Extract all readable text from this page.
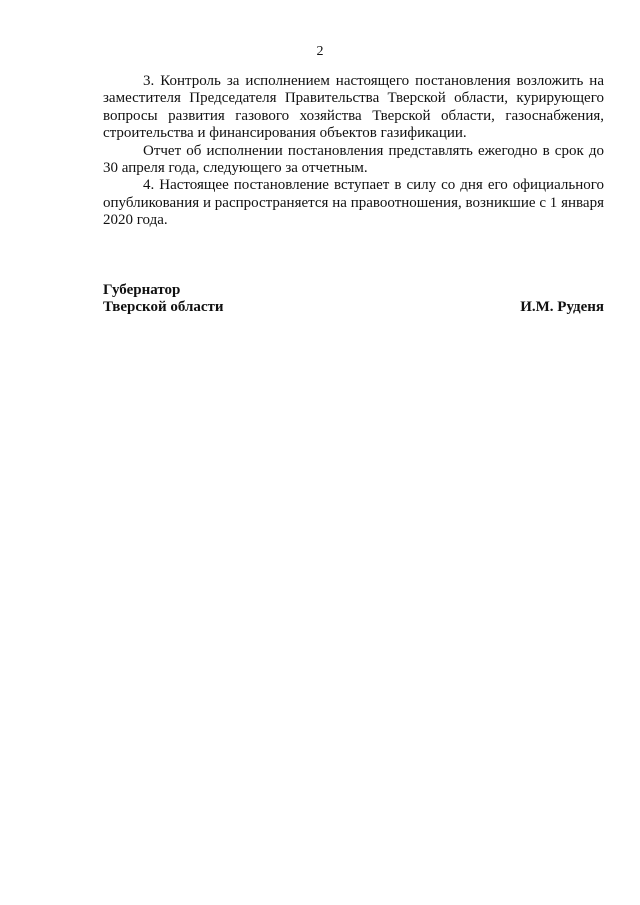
2

3. Контроль за исполнением настоящего постановления возложить на заместителя Председателя Правительства Тверской области, курирующего вопросы развития газового хозяйства Тверской области, газоснабжения, строительства и финансирования объектов газификации.

Отчет об исполнении постановления представлять ежегодно в срок до 30 апреля года, следующего за отчетным.

4. Настоящее постановление вступает в силу со дня его официального опубликования и распространяется на правоотношения, возникшие с 1 января 2020 года.

Губернатор
Тверской области	И.М. Руденя
